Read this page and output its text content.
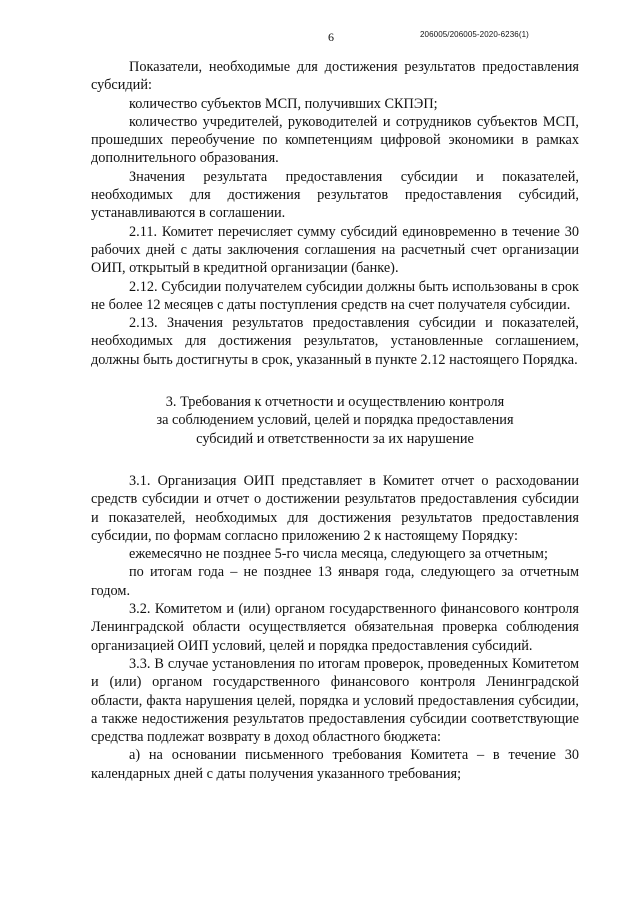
6	206005/206005-2020-6236(1)

Показатели, необходимые для достижения результатов предоставления субсидий:

количество субъектов МСП, получивших СКПЭП;

количество учредителей, руководителей и сотрудников субъектов МСП, прошедших переобучение по компетенциям цифровой экономики в рамках дополнительного образования.

Значения результата предоставления субсидии и показателей, необходимых для достижения результатов предоставления субсидий, устанавливаются в соглашении.

2.11. Комитет перечисляет сумму субсидий единовременно в течение 30 рабочих дней с даты заключения соглашения на расчетный счет организации ОИП, открытый в кредитной организации (банке).

2.12. Субсидии получателем субсидии должны быть использованы в срок не более 12 месяцев с даты поступления средств на счет получателя субсидии.

2.13. Значения результатов предоставления субсидии и показателей, необходимых для достижения результатов, установленные соглашением, должны быть достигнуты в срок, указанный в пункте 2.12 настоящего Порядка.

3. Требования к отчетности и осуществлению контроля
за соблюдением условий, целей и порядка предоставления
субсидий и ответственности за их нарушение

3.1. Организация ОИП представляет в Комитет отчет о расходовании средств субсидии и отчет о достижении результатов предоставления субсидии и показателей, необходимых для достижения результатов предоставления субсидии, по формам согласно приложению 2 к настоящему Порядку:

ежемесячно не позднее 5-го числа месяца, следующего за отчетным;

по итогам года – не позднее 13 января года, следующего за отчетным годом.

3.2. Комитетом и (или) органом государственного финансового контроля Ленинградской области осуществляется обязательная проверка соблюдения организацией ОИП условий, целей и порядка предоставления субсидий.

3.3. В случае установления по итогам проверок, проведенных Комитетом и (или) органом государственного финансового контроля Ленинградской области, факта нарушения целей, порядка и условий предоставления субсидии, а также недостижения результатов предоставления субсидии соответствующие средства подлежат возврату в доход областного бюджета:

а) на основании письменного требования Комитета – в течение 30 календарных дней с даты получения указанного требования;
